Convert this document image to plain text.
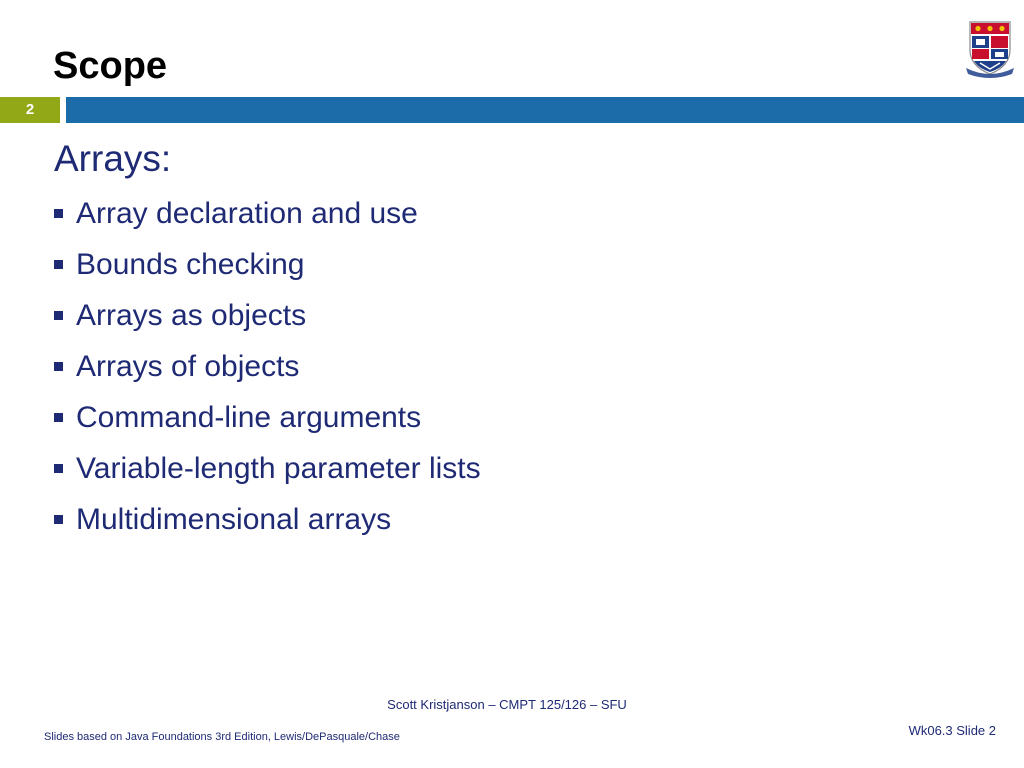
Scope
2
Arrays:
Array declaration and use
Bounds checking
Arrays as objects
Arrays of objects
Command-line arguments
Variable-length parameter lists
Multidimensional arrays
Scott Kristjanson – CMPT 125/126 – SFU
Slides based on Java Foundations 3rd Edition, Lewis/DePasquale/Chase	Wk06.3 Slide 2
